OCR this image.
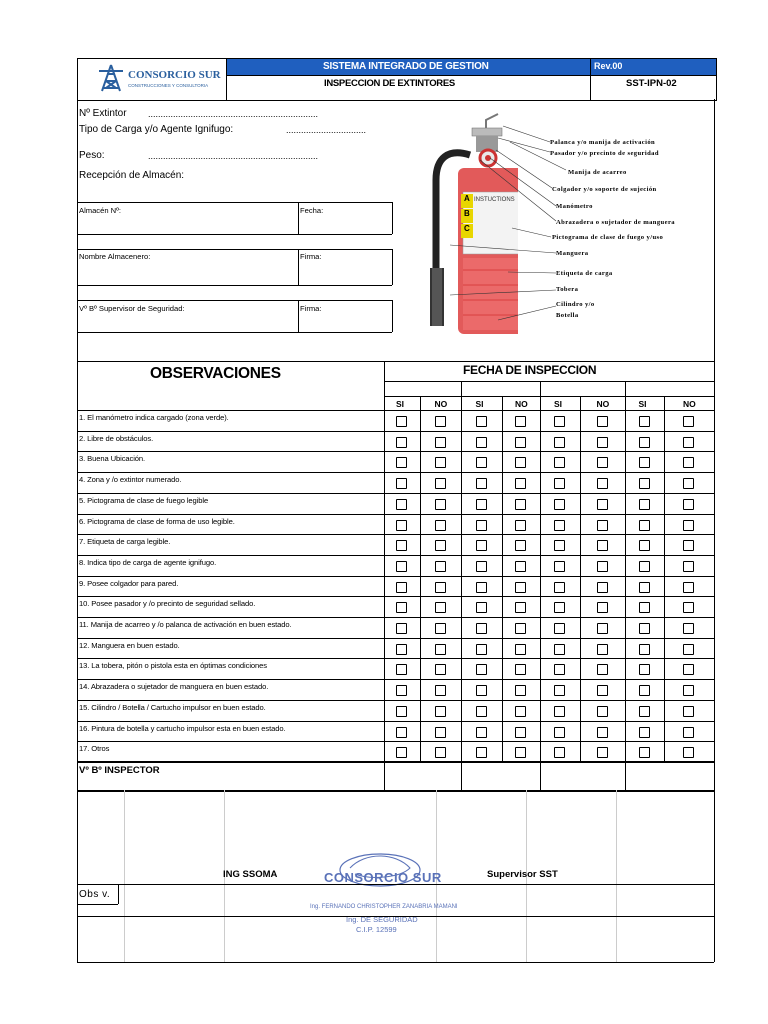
CONSORCIO SUR
CONSTRUCCIONES Y CONSULTORIA
SISTEMA INTEGRADO DE GESTION
INSPECCION DE EXTINTORES
Rev.00
SST-IPN-02
Nº Extintor ....................................................................
Tipo de Carga y/o Agente Ignifugo:	................................
Peso:	....................................................................
Recepción de Almacén:
Almacén Nº:	Fecha:
Nombre Almacenero:	Firma:
Vº Bº Supervisor de Seguridad:	Firma:
INSTUCTIONS
A
B
C
Palanca y/o manija de activación
Pasador y/o precinto de seguridad
Manija de acarreo
Colgador y/o soporte de sujeción
Manómetro
Abrazadera o sujetador de manguera
Pictograma de clase de fuego y/uso
Manguera
Etiqueta de carga
Tobera
Cilindro y/o
Botella
OBSERVACIONES	FECHA DE INSPECCION
SI	NO	SI	NO	SI	NO	SI	NO
1. El manómetro indica cargado (zona verde).
2. Libre de obstáculos.
3. Buena Ubicación.
4. Zona y /o extintor numerado.
5. Pictograma de clase de fuego legible
6. Pictograma de clase de forma de uso legible.
7. Etiqueta de carga legible.
8. Indica tipo de carga de agente ignifugo.
9. Posee colgador para pared.
10. Posee pasador y /o precinto de seguridad sellado.
11. Manija de acarreo y /o palanca de activación en buen estado.
12. Manguera en buen estado.
13. La tobera, pitón o pistola esta en óptimas condiciones
14. Abrazadera o sujetador de manguera en buen estado.
15. Cilindro / Botella / Cartucho impulsor en buen estado.
16. Pintura de botella y cartucho impulsor esta en buen estado.
17. Otros
Vº Bº INSPECTOR
CONSORCIO SUR
Ing. FERNANDO CHRISTOPHER ZANABRIA MAMANI
Ing. DE SEGURIDAD
C.I.P. 12599
ING SSOMA	Supervisor SST
Obs v.
